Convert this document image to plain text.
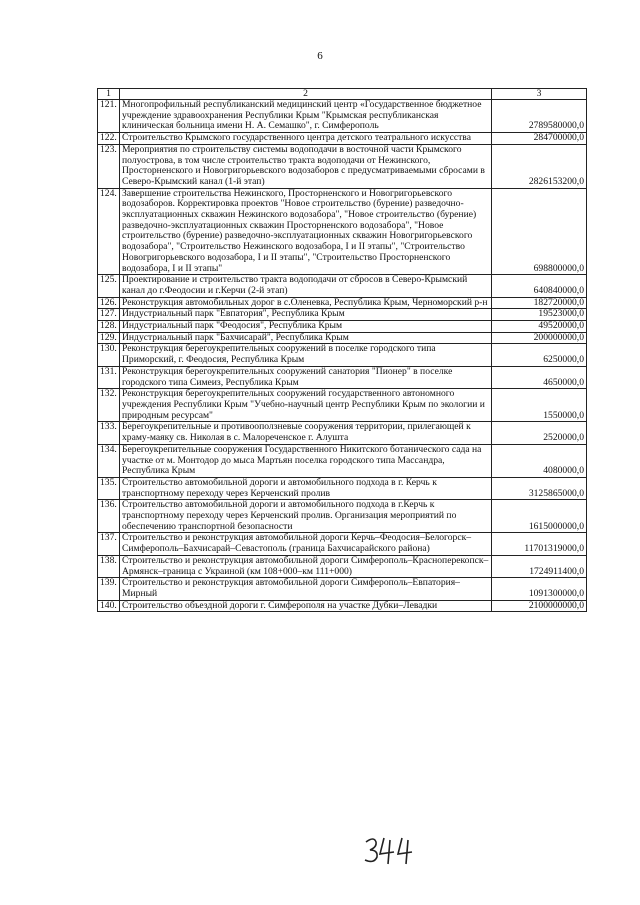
6
1	2	3
121.	Многопрофильный республиканский медицинский центр «Государственное бюджетное учреждение здравоохранения Республики Крым "Крымская республиканская клиническая больница имени Н. А. Семашко", г. Симферополь	2789580000,0
122.	Строительство Крымского государственного центра детского театрального искусства	284700000,0
123.	Мероприятия по строительству системы водоподачи в восточной части Крымского полуострова, в том числе строительство тракта водоподачи от Нежинского, Просторненского и Новогригорьевского водозаборов с предусматриваемыми сбросами в Северо-Крымский канал (1-й этап)	2826153200,0
124.	Завершение строительства Нежинского, Просторненского и Новогригорьевского водозаборов. Корректировка проектов "Новое строительство (бурение) разведочно-эксплуатационных скважин Нежинского водозабора", "Новое строительство (бурение) разведочно-эксплуатационных скважин Просторненского водозабора", "Новое строительство (бурение) разведочно-эксплуатационных скважин Новогригорьевского водозабора", "Строительство Нежинского водозабора, I и II этапы", "Строительство Новогригорьевского водозабора, I и II этапы", "Строительство Просторненского водозабора, I и II этапы"	698800000,0
125.	Проектирование и строительство тракта водоподачи от сбросов в Северо-Крымский канал до г.Феодосии и г.Керчи (2-й этап)	640840000,0
126.	Реконструкция автомобильных дорог в с.Оленевка, Республика Крым, Черноморский р-н	182720000,0
127.	Индустриальный парк "Евпатория", Республика Крым	19523000,0
128.	Индустриальный парк "Феодосия", Республика Крым	49520000,0
129.	Индустриальный парк "Бахчисарай", Республика Крым	200000000,0
130.	Реконструкция берегоукрепительных сооружений в поселке городского типа Приморский, г. Феодосия, Республика Крым	6250000,0
131.	Реконструкция берегоукрепительных сооружений санатория "Пионер" в поселке городского типа Симеиз, Республика Крым	4650000,0
132.	Реконструкция берегоукрепительных сооружений государственного автономного учреждения Республики Крым "Учебно-научный центр Республики Крым по экологии и природным ресурсам"	1550000,0
133.	Берегоукрепительные и противооползневые сооружения территории, прилегающей к храму-маяку св. Николая в с. Малореченское г. Алушта	2520000,0
134.	Берегоукрепительные сооружения Государственного Никитского ботанического сада на участке от м. Монтодор до мыса Мартьян поселка городского типа Массандра, Республика Крым	4080000,0
135.	Строительство автомобильной дороги и автомобильного подхода в г. Керчь к транспортному переходу через Керченский пролив	3125865000,0
136.	Строительство автомобильной дороги и автомобильного подхода в г.Керчь к транспортному переходу через Керченский пролив. Организация мероприятий по обеспечению транспортной безопасности	1615000000,0
137.	Строительство и реконструкция автомобильной дороги Керчь–Феодосия–Белогорск–Симферополь–Бахчисарай–Севастополь (граница Бахчисарайского района)	11701319000,0
138.	Строительство и реконструкция автомобильной дороги Симферополь–Красноперекопск–Армянск–граница с Украиной (км 108+000–км 111+000)	1724911400,0
139.	Строительство и реконструкция автомобильной дороги Симферополь–Евпатория–Мирный	1091300000,0
140.	Строительство объездной дороги г. Симферополя на участке Дубки–Левадки	2100000000,0
